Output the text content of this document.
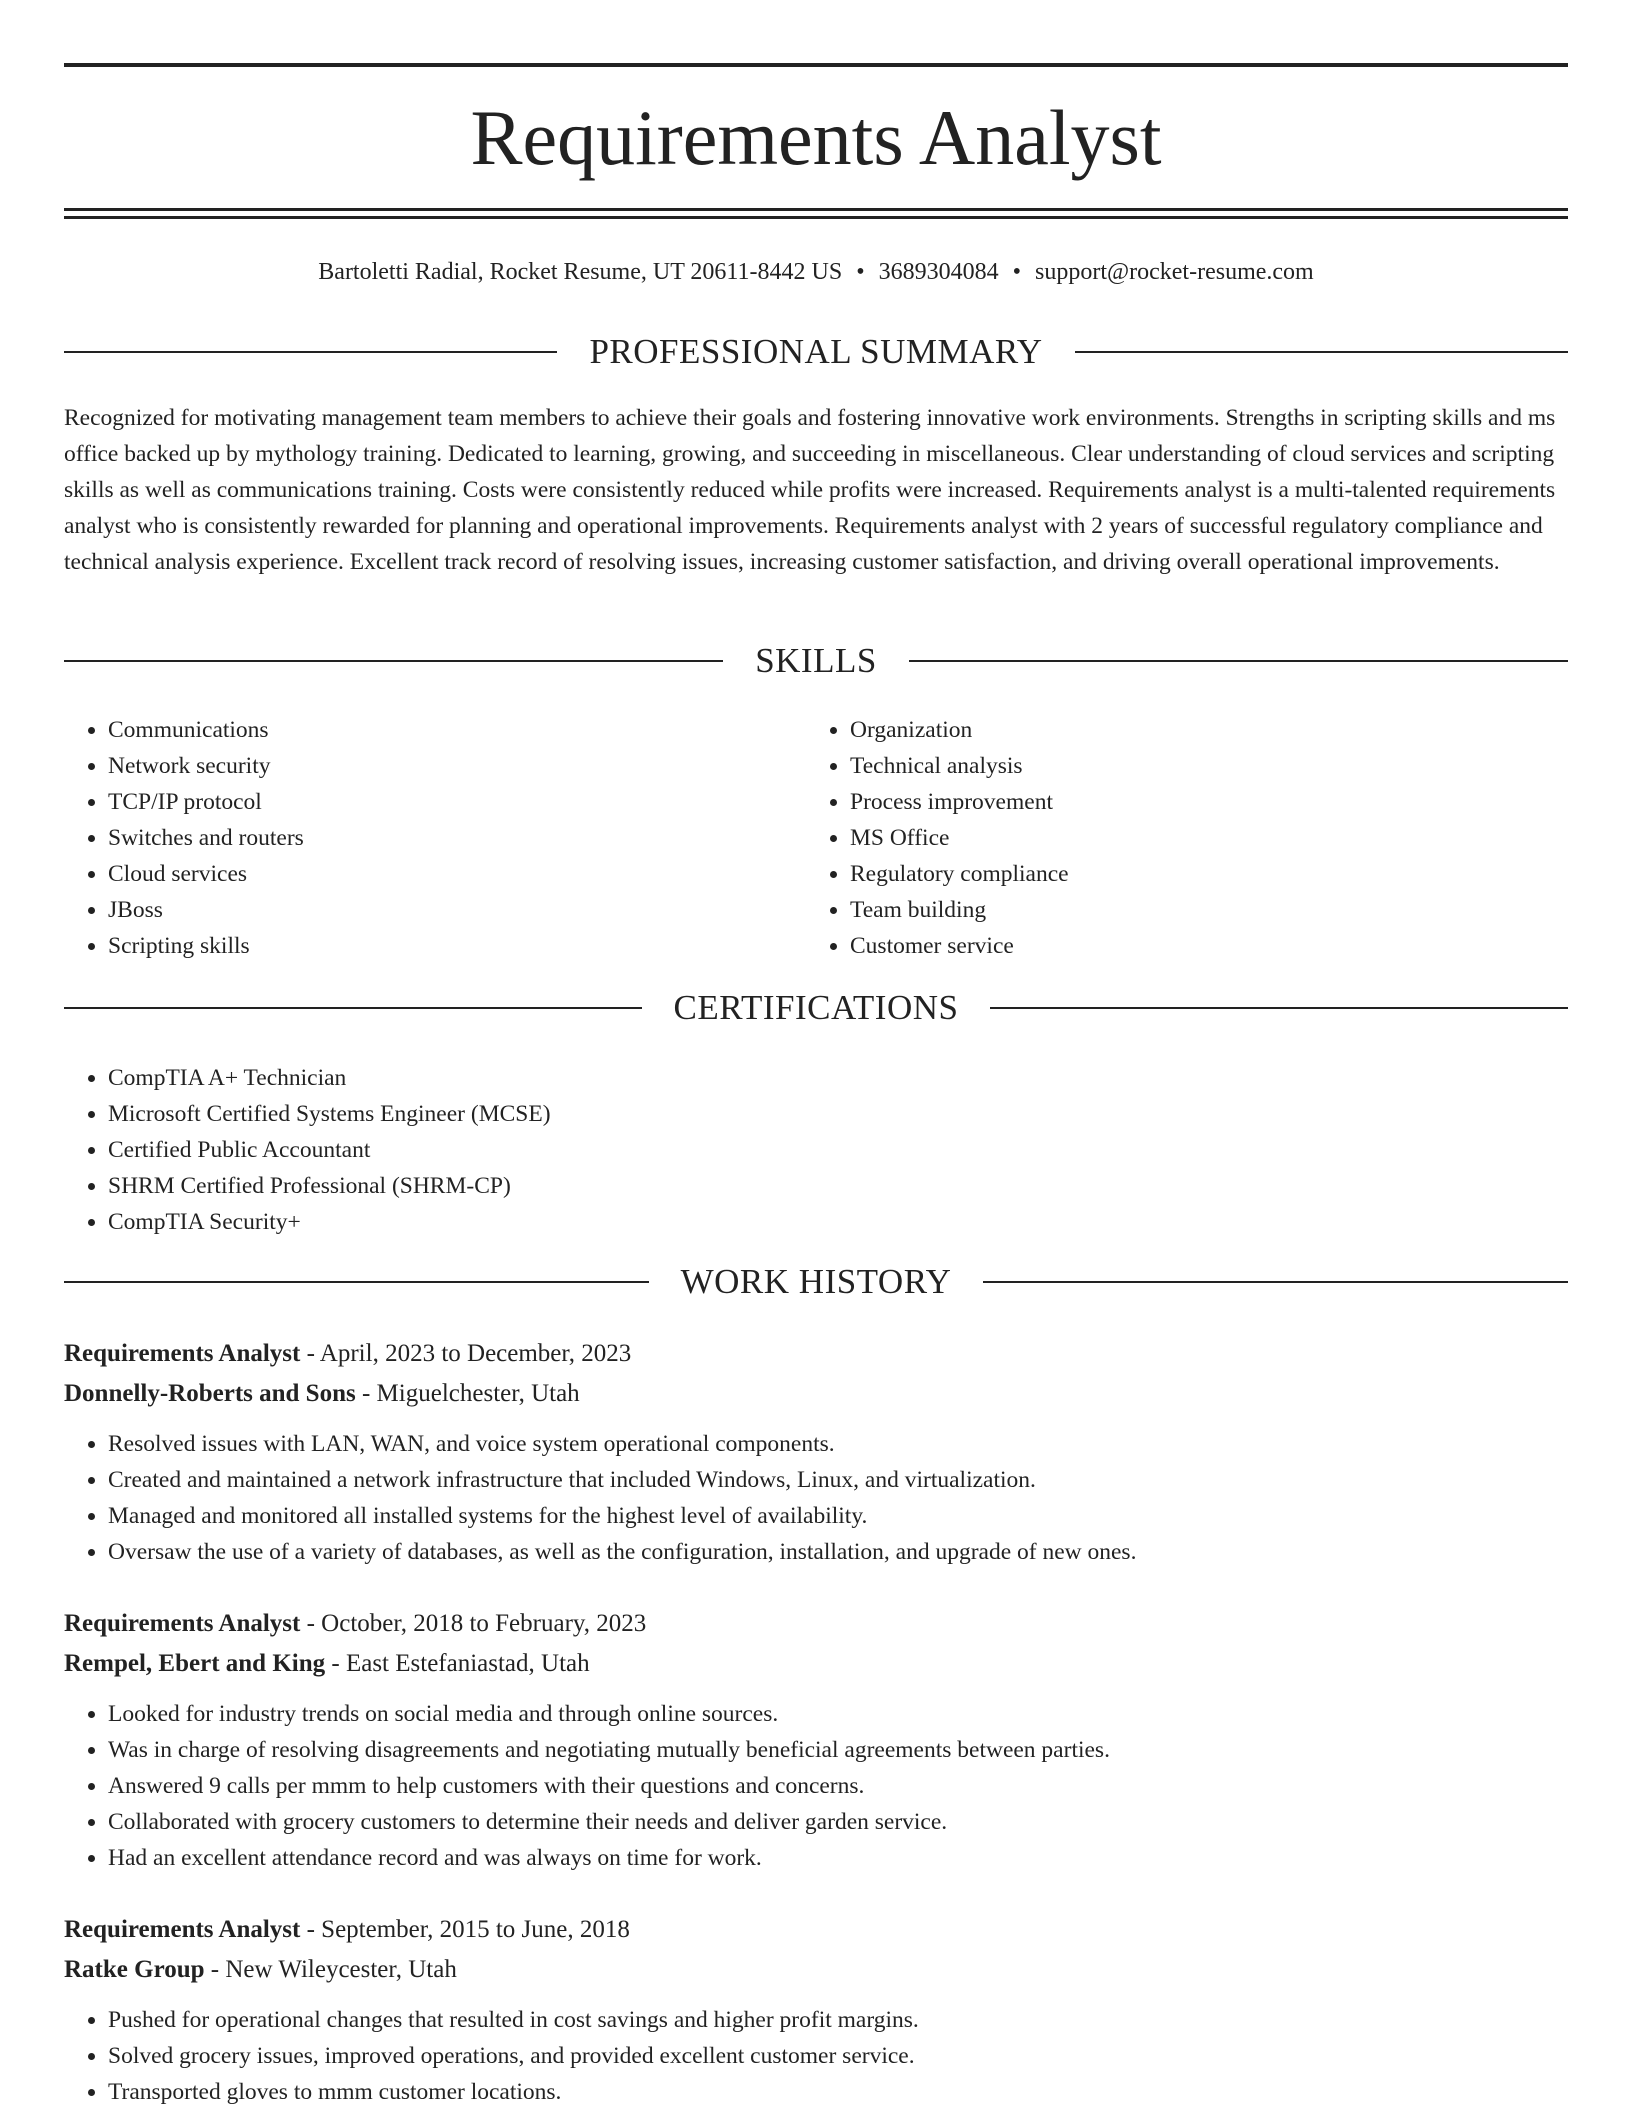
Requirements Analyst
Bartoletti Radial, Rocket Resume, UT 20611-8442 US • 3689304084 • support@rocket-resume.com
PROFESSIONAL SUMMARY

Recognized for motivating management team members to achieve their goals and fostering innovative work environments. Strengths in scripting skills and ms office backed up by mythology training. Dedicated to learning, growing, and succeeding in miscellaneous. Clear understanding of cloud services and scripting skills as well as communications training. Costs were consistently reduced while profits were increased. Requirements analyst is a multi-talented requirements analyst who is consistently rewarded for planning and operational improvements. Requirements analyst with 2 years of successful regulatory compliance and technical analysis experience. Excellent track record of resolving issues, increasing customer satisfaction, and driving overall operational improvements.

SKILLS
• Communications
• Network security
• TCP/IP protocol
• Switches and routers
• Cloud services
• JBoss
• Scripting skills
• Organization
• Technical analysis
• Process improvement
• MS Office
• Regulatory compliance
• Team building
• Customer service
CERTIFICATIONS
• CompTIA A+ Technician
• Microsoft Certified Systems Engineer (MCSE)
• Certified Public Accountant
• SHRM Certified Professional (SHRM-CP)
• CompTIA Security+
WORK HISTORY
Requirements Analyst - April, 2023 to December, 2023
Donnelly-Roberts and Sons - Miguelchester, Utah
• Resolved issues with LAN, WAN, and voice system operational components.
• Created and maintained a network infrastructure that included Windows, Linux, and virtualization.
• Managed and monitored all installed systems for the highest level of availability.
• Oversaw the use of a variety of databases, as well as the configuration, installation, and upgrade of new ones.
Requirements Analyst - October, 2018 to February, 2023
Rempel, Ebert and King - East Estefaniastad, Utah
• Looked for industry trends on social media and through online sources.
• Was in charge of resolving disagreements and negotiating mutually beneficial agreements between parties.
• Answered 9 calls per mmm to help customers with their questions and concerns.
• Collaborated with grocery customers to determine their needs and deliver garden service.
• Had an excellent attendance record and was always on time for work.
Requirements Analyst - September, 2015 to June, 2018
Ratke Group - New Wileycester, Utah
• Pushed for operational changes that resulted in cost savings and higher profit margins.
• Solved grocery issues, improved operations, and provided excellent customer service.
• Transported gloves to mmm customer locations.
